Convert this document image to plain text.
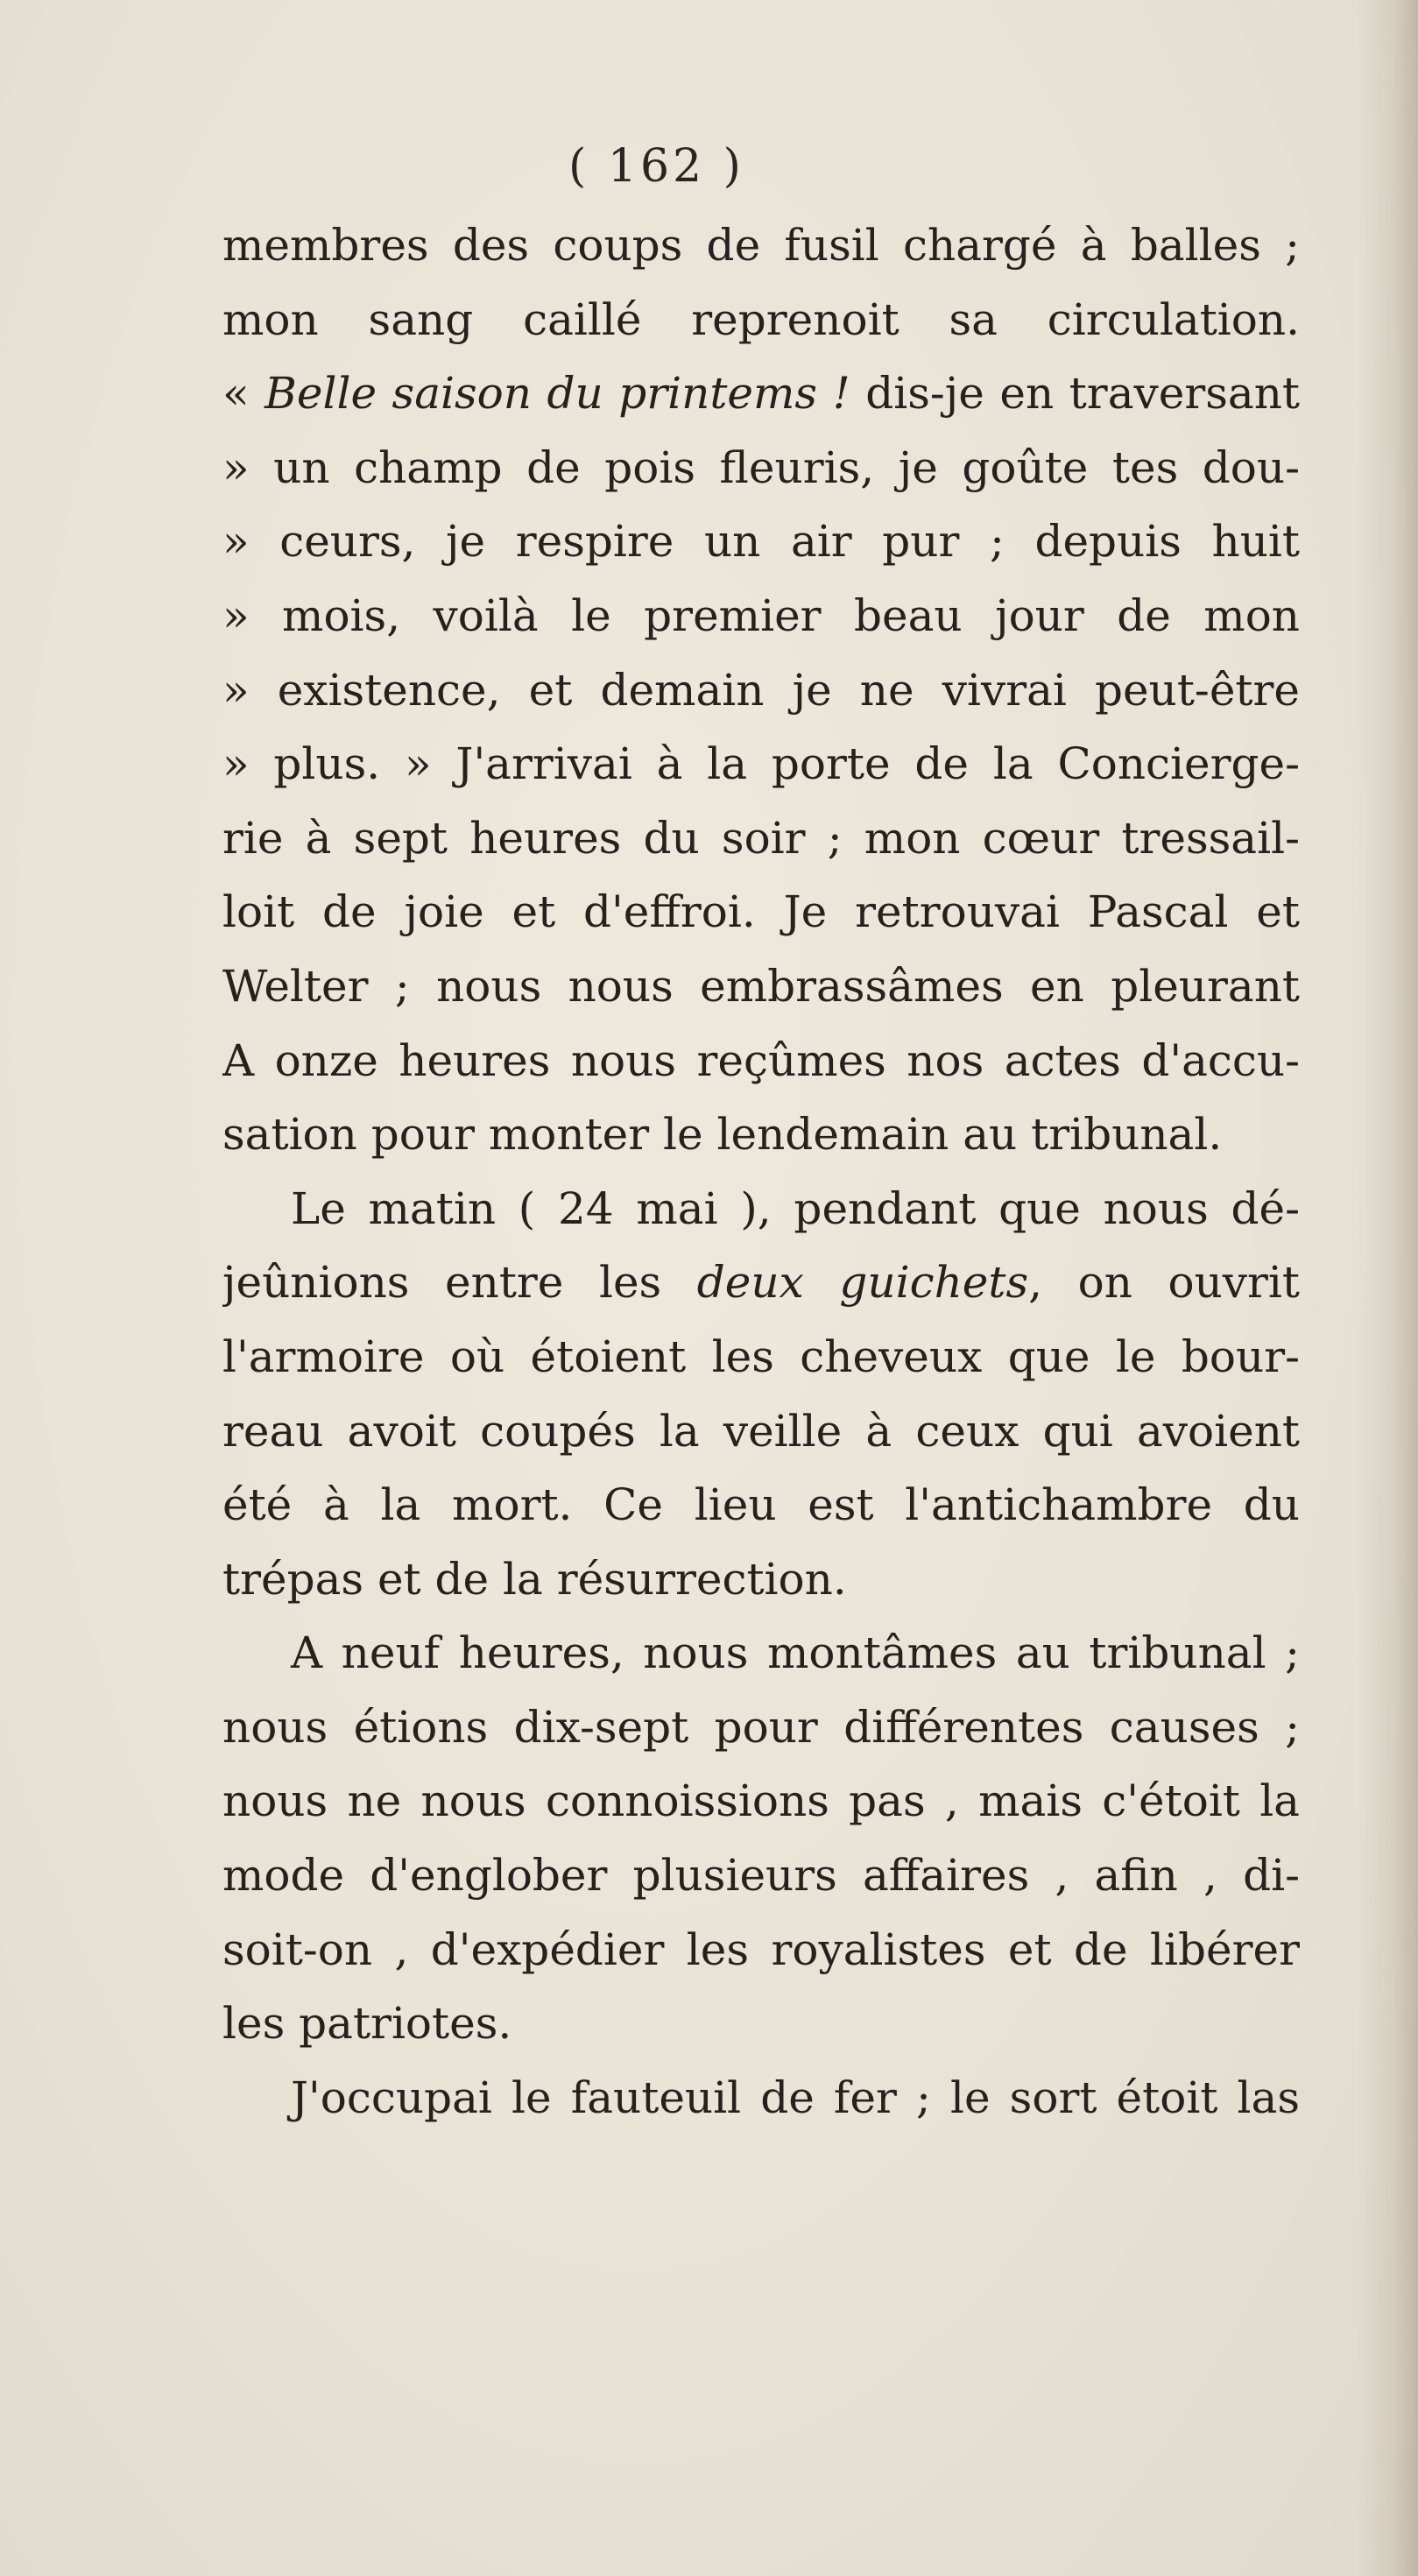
( 162 )
membres des coups de fusil chargé à balles ;
mon sang caillé reprenoit sa circulation.
« Belle saison du printems ! dis-je en traversant
» un champ de pois fleuris, je goûte tes dou-
» ceurs, je respire un air pur ; depuis huit
» mois, voilà le premier beau jour de mon
» existence, et demain je ne vivrai peut-être
» plus. » J'arrivai à la porte de la Concierge-
rie à sept heures du soir ; mon cœur tressail-
loit de joie et d'effroi. Je retrouvai Pascal et
Welter ; nous nous embrassâmes en pleurant
A onze heures nous reçûmes nos actes d'accu-
sation pour monter le lendemain au tribunal.
Le matin ( 24 mai ), pendant que nous dé-
jeûnions entre les deux guichets, on ouvrit
l'armoire où étoient les cheveux que le bour-
reau avoit coupés la veille à ceux qui avoient
été à la mort. Ce lieu est l'antichambre du
trépas et de la résurrection.
A neuf heures, nous montâmes au tribunal ;
nous étions dix-sept pour différentes causes ;
nous ne nous connoissions pas , mais c'étoit la
mode d'englober plusieurs affaires , afin , di-
soit-on , d'expédier les royalistes et de libérer
les patriotes.
J'occupai le fauteuil de fer ; le sort étoit las
